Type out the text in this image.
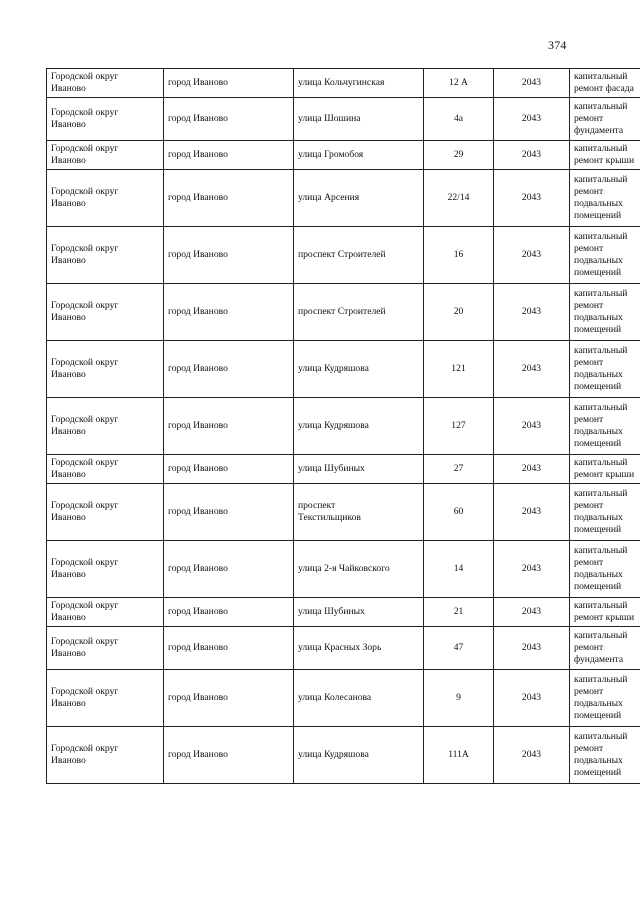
374
Городской округ
Иваново	город Иваново	улица Кольчугинская	12 А	2043	капитальный
ремонт фасада

Городской округ
Иваново	город Иваново	улица Шошина	4а	2043	капитальный
ремонт
фундамента

Городской округ
Иваново	город Иваново	улица Громобоя	29	2043	капитальный
ремонт крыши

Городской округ
Иваново	город Иваново	улица Арсения	22/14	2043	капитальный
ремонт
подвальных
помещений

Городской округ
Иваново	город Иваново	проспект Строителей	16	2043	капитальный
ремонт
подвальных
помещений

Городской округ
Иваново	город Иваново	проспект Строителей	20	2043	капитальный
ремонт
подвальных
помещений

Городской округ
Иваново	город Иваново	улица Кудряшова	121	2043	капитальный
ремонт
подвальных
помещений

Городской округ
Иваново	город Иваново	улица Кудряшова	127	2043	капитальный
ремонт
подвальных
помещений

Городской округ
Иваново	город Иваново	улица Шубиных	27	2043	капитальный
ремонт крыши

Городской округ
Иваново	город Иваново	проспект
Текстильщиков	60	2043	капитальный
ремонт
подвальных
помещений

Городской округ
Иваново	город Иваново	улица 2-я Чайковского	14	2043	капитальный
ремонт
подвальных
помещений

Городской округ
Иваново	город Иваново	улица Шубиных	21	2043	капитальный
ремонт крыши

Городской округ
Иваново	город Иваново	улица Красных Зорь	47	2043	капитальный
ремонт
фундамента

Городской округ
Иваново	город Иваново	улица Колесанова	9	2043	капитальный
ремонт
подвальных
помещений

Городской округ
Иваново	город Иваново	улица Кудряшова	111А	2043	капитальный
ремонт
подвальных
помещений
